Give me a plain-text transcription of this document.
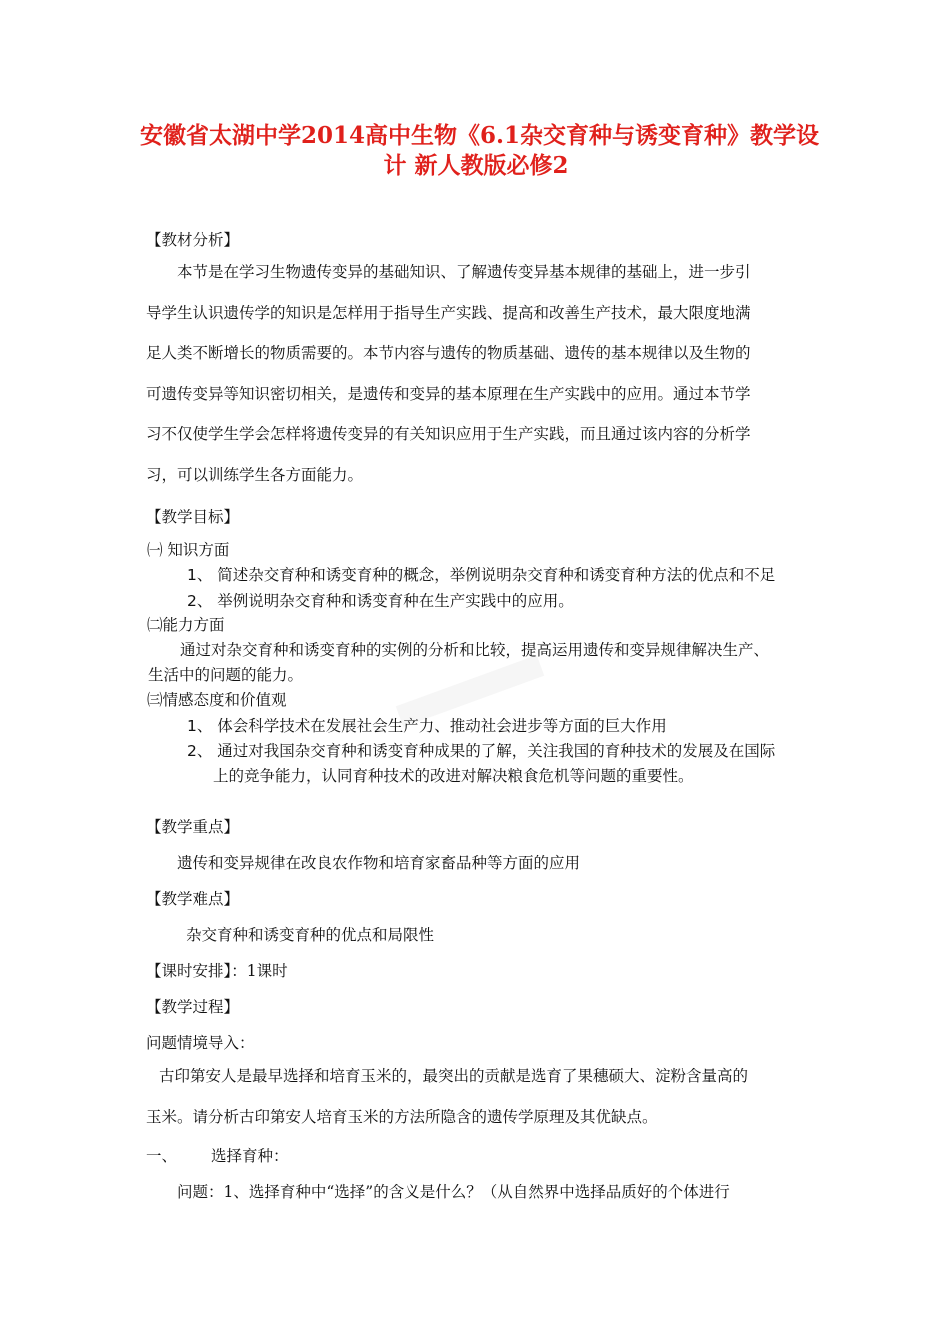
安徽省太湖中学2014高中生物《6.1杂交育种与诱变育种》教学设
计 新人教版必修2
【教材分析】
本节是在学习生物遗传变异的基础知识、了解遗传变异基本规律的基础上，进一步引
导学生认识遗传学的知识是怎样用于指导生产实践、提高和改善生产技术，最大限度地满
足人类不断增长的物质需要的。本节内容与遗传的物质基础、遗传的基本规律以及生物的
可遗传变异等知识密切相关，是遗传和变异的基本原理在生产实践中的应用。通过本节学
习不仅使学生学会怎样将遗传变异的有关知识应用于生产实践，而且通过该内容的分析学
习，可以训练学生各方面能力。
【教学目标】
㈠ 知识方面
1、 简述杂交育种和诱变育种的概念，举例说明杂交育种和诱变育种方法的优点和不足
2、 举例说明杂交育种和诱变育种在生产实践中的应用。
㈡能力方面
通过对杂交育种和诱变育种的实例的分析和比较，提高运用遗传和变异规律解决生产、
生活中的问题的能力。
㈢情感态度和价值观
1、 体会科学技术在发展社会生产力、推动社会进步等方面的巨大作用
2、 通过对我国杂交育种和诱变育种成果的了解，关注我国的育种技术的发展及在国际
上的竞争能力，认同育种技术的改进对解决粮食危机等问题的重要性。
【教学重点】
遗传和变异规律在改良农作物和培育家畜品种等方面的应用
【教学难点】
杂交育种和诱变育种的优点和局限性
【课时安排】：1课时
【教学过程】
问题情境导入：
古印第安人是最早选择和培育玉米的，最突出的贡献是选育了果穗硕大、淀粉含量高的
玉米。请分析古印第安人培育玉米的方法所隐含的遗传学原理及其优缺点。
一、 选择育种：
问题：1、选择育种中“选择”的含义是什么？（从自然界中选择品质好的个体进行
